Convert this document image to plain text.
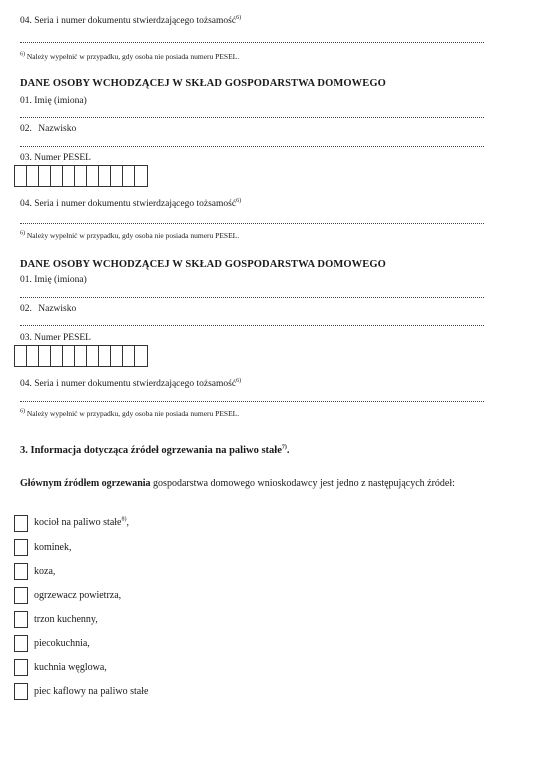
04. Seria i numer dokumentu stwierdzającego tożsamość$^{6)}$
$^{6)}$ Należy wypełnić w przypadku, gdy osoba nie posiada numeru PESEL.
DANE OSOBY WCHODZĄCEJ W SKŁAD GOSPODARSTWA DOMOWEGO
01. Imię (imiona)
02. Nazwisko
03. Numer PESEL
04. Seria i numer dokumentu stwierdzającego tożsamość$^{6)}$
$^{6)}$ Należy wypełnić w przypadku, gdy osoba nie posiada numeru PESEL.
DANE OSOBY WCHODZĄCEJ W SKŁAD GOSPODARSTWA DOMOWEGO
01. Imię (imiona)
02. Nazwisko
03. Numer PESEL
04. Seria i numer dokumentu stwierdzającego tożsamość$^{6)}$
$^{6)}$ Należy wypełnić w przypadku, gdy osoba nie posiada numeru PESEL.
3. Informacja dotycząca źródeł ogrzewania na paliwo stałe$^{7)}$.
Głównym źródłem ogrzewania gospodarstwa domowego wnioskodawcy jest jedno z następujących źródeł:
kocioł na paliwo stałe$^{8)}$,
kominek,
koza,
ogrzewacz powietrza,
trzon kuchenny,
piecokuchnia,
kuchnia węglowa,
piec kaflowy na paliwo stałe
